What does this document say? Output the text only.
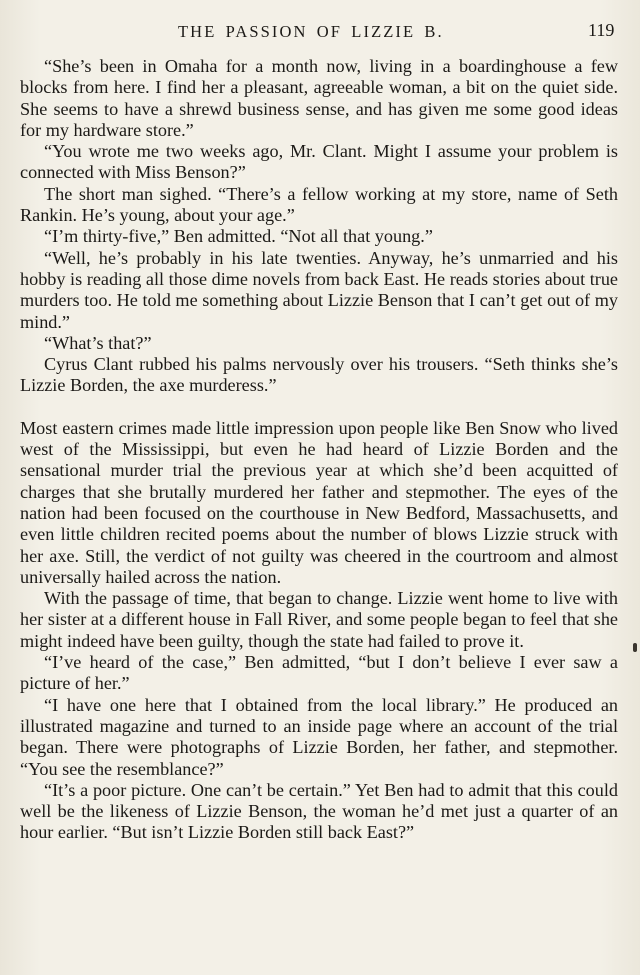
THE PASSION OF LIZZIE B.	119

“She’s been in Omaha for a month now, living in a boardinghouse a few blocks from here. I find her a pleasant, agreeable woman, a bit on the quiet side. She seems to have a shrewd business sense, and has given me some good ideas for my hardware store.”

“You wrote me two weeks ago, Mr. Clant. Might I assume your problem is connected with Miss Benson?”

The short man sighed. “There’s a fellow working at my store, name of Seth Rankin. He’s young, about your age.”

“I’m thirty-five,” Ben admitted. “Not all that young.”

“Well, he’s probably in his late twenties. Anyway, he’s unmarried and his hobby is reading all those dime novels from back East. He reads stories about true murders too. He told me something about Lizzie Benson that I can’t get out of my mind.”

“What’s that?”

Cyrus Clant rubbed his palms nervously over his trousers. “Seth thinks she’s Lizzie Borden, the axe murderess.”

Most eastern crimes made little impression upon people like Ben Snow who lived west of the Mississippi, but even he had heard of Lizzie Borden and the sensational murder trial the previous year at which she’d been acquitted of charges that she brutally murdered her father and stepmother. The eyes of the nation had been focused on the courthouse in New Bedford, Massachusetts, and even little children recited poems about the number of blows Lizzie struck with her axe. Still, the verdict of not guilty was cheered in the courtroom and almost universally hailed across the nation.

With the passage of time, that began to change. Lizzie went home to live with her sister at a different house in Fall River, and some people began to feel that she might indeed have been guilty, though the state had failed to prove it.

“I’ve heard of the case,” Ben admitted, “but I don’t believe I ever saw a picture of her.”

“I have one here that I obtained from the local library.” He produced an illustrated magazine and turned to an inside page where an account of the trial began. There were photographs of Lizzie Borden, her father, and stepmother. “You see the resemblance?”

“It’s a poor picture. One can’t be certain.” Yet Ben had to admit that this could well be the likeness of Lizzie Benson, the woman he’d met just a quarter of an hour earlier. “But isn’t Lizzie Borden still back East?”
